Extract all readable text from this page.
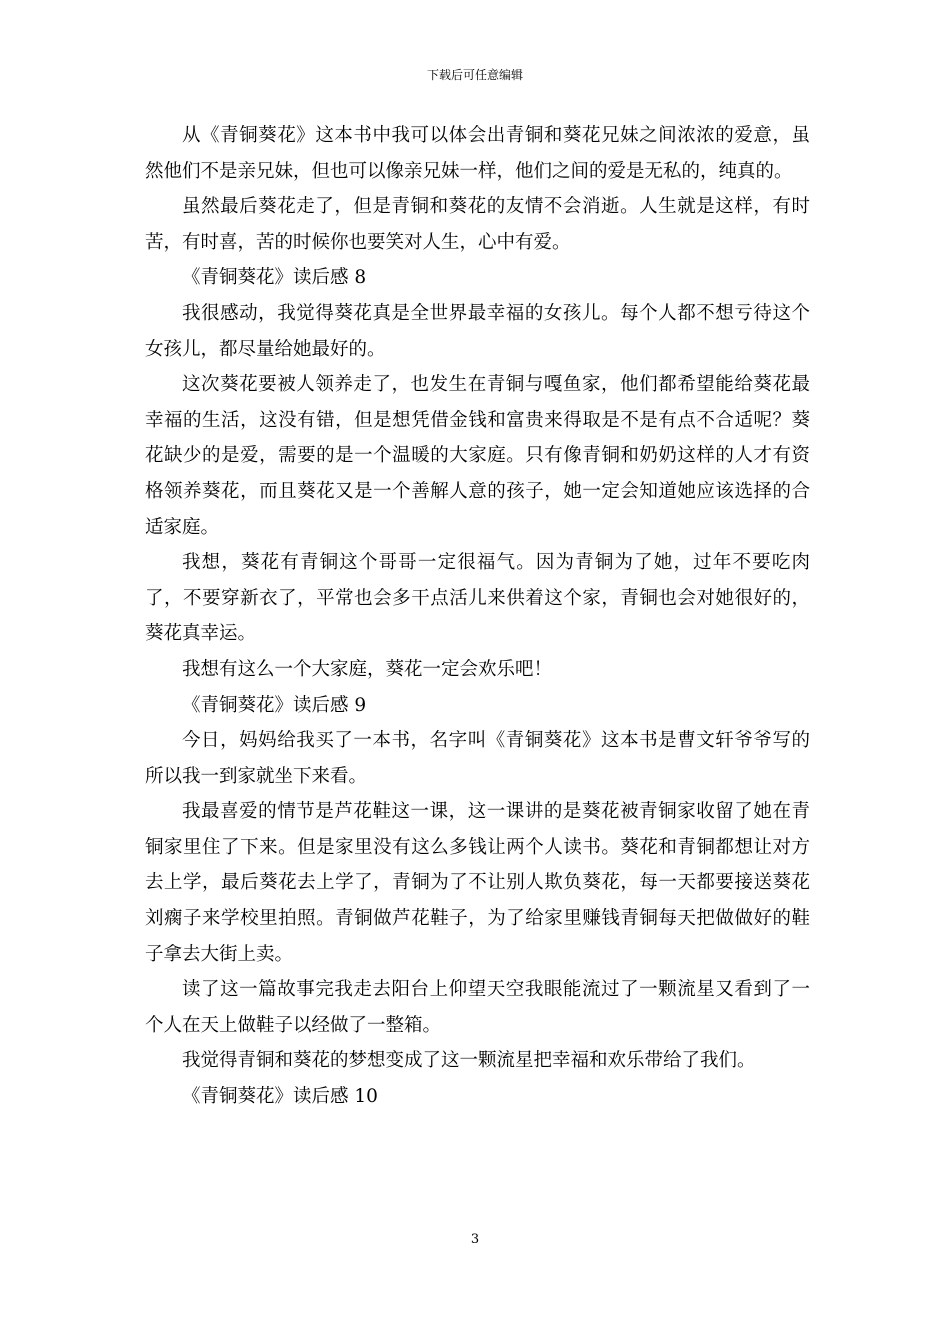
下载后可任意编辑

从《青铜葵花》这本书中我可以体会出青铜和葵花兄妹之间浓浓的爱意，虽然他们不是亲兄妹，但也可以像亲兄妹一样，他们之间的爱是无私的，纯真的。

虽然最后葵花走了，但是青铜和葵花的友情不会消逝。人生就是这样，有时苦，有时喜，苦的时候你也要笑对人生，心中有爱。

《青铜葵花》读后感 8

我很感动，我觉得葵花真是全世界最幸福的女孩儿。每个人都不想亏待这个女孩儿，都尽量给她最好的。

这次葵花要被人领养走了，也发生在青铜与嘎鱼家，他们都希望能给葵花最幸福的生活，这没有错，但是想凭借金钱和富贵来得取是不是有点不合适呢？葵花缺少的是爱，需要的是一个温暖的大家庭。只有像青铜和奶奶这样的人才有资格领养葵花，而且葵花又是一个善解人意的孩子，她一定会知道她应该选择的合适家庭。

我想，葵花有青铜这个哥哥一定很福气。因为青铜为了她，过年不要吃肉了，不要穿新衣了，平常也会多干点活儿来供着这个家，青铜也会对她很好的，葵花真幸运。

我想有这么一个大家庭，葵花一定会欢乐吧！

《青铜葵花》读后感 9

今日，妈妈给我买了一本书，名字叫《青铜葵花》这本书是曹文轩爷爷写的所以我一到家就坐下来看。

我最喜爱的情节是芦花鞋这一课，这一课讲的是葵花被青铜家收留了她在青铜家里住了下来。但是家里没有这么多钱让两个人读书。葵花和青铜都想让对方去上学，最后葵花去上学了，青铜为了不让别人欺负葵花，每一天都要接送葵花刘瘸子来学校里拍照。青铜做芦花鞋子，为了给家里赚钱青铜每天把做做好的鞋子拿去大街上卖。

读了这一篇故事完我走去阳台上仰望天空我眼能流过了一颗流星又看到了一个人在天上做鞋子以经做了一整箱。

我觉得青铜和葵花的梦想变成了这一颗流星把幸福和欢乐带给了我们。

《青铜葵花》读后感 10

3
